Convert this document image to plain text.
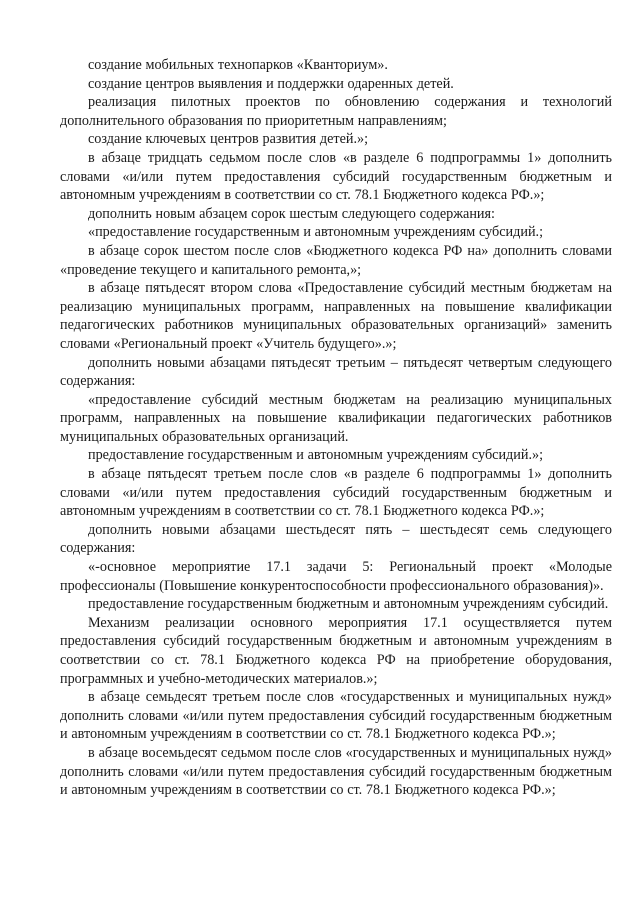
создание мобильных технопарков «Кванториум».

создание центров выявления и поддержки одаренных детей.

реализация пилотных проектов по обновлению содержания и технологий дополнительного образования по приоритетным направлениям;

создание ключевых центров развития детей.»;

в абзаце тридцать седьмом после слов «в разделе 6 подпрограммы 1» дополнить словами «и/или путем предоставления субсидий государственным бюджетным и автономным учреждениям в соответствии со ст. 78.1 Бюджетного кодекса РФ.»;

дополнить новым абзацем сорок шестым следующего содержания:

«предоставление государственным и автономным учреждениям субсидий.;

в абзаце сорок шестом после слов «Бюджетного кодекса РФ на» дополнить словами «проведение текущего и капитального ремонта,»;

в абзаце пятьдесят втором слова «Предоставление субсидий местным бюджетам на реализацию муниципальных программ, направленных на повышение квалификации педагогических работников муниципальных образовательных организаций» заменить словами «Региональный проект «Учитель будущего».»;

дополнить новыми абзацами пятьдесят третьим – пятьдесят четвертым следующего содержания:

«предоставление субсидий местным бюджетам на реализацию муниципальных программ, направленных на повышение квалификации педагогических работников муниципальных образовательных организаций.

предоставление государственным и автономным учреждениям субсидий.»;

в абзаце пятьдесят третьем после слов «в разделе 6 подпрограммы 1» дополнить словами «и/или путем предоставления субсидий государственным бюджетным и автономным учреждениям в соответствии со ст. 78.1 Бюджетного кодекса РФ.»;

дополнить новыми абзацами шестьдесят пять – шестьдесят семь следующего содержания:

«-основное мероприятие 17.1 задачи 5: Региональный проект «Молодые профессионалы (Повышение конкурентоспособности профессионального образования)».

предоставление государственным бюджетным и автономным учреждениям субсидий.

Механизм реализации основного мероприятия 17.1 осуществляется путем предоставления субсидий государственным бюджетным и автономным учреждениям в соответствии со ст. 78.1 Бюджетного кодекса РФ на приобретение оборудования, программных и учебно-методических материалов.»;

в абзаце семьдесят третьем после слов «государственных и муниципальных нужд» дополнить словами «и/или путем предоставления субсидий государственным бюджетным и автономным учреждениям в соответствии со ст. 78.1 Бюджетного кодекса РФ.»;

в абзаце восемьдесят седьмом после слов «государственных и муниципальных нужд» дополнить словами «и/или путем предоставления субсидий государственным бюджетным и автономным учреждениям в соответствии со ст. 78.1 Бюджетного кодекса РФ.»;
